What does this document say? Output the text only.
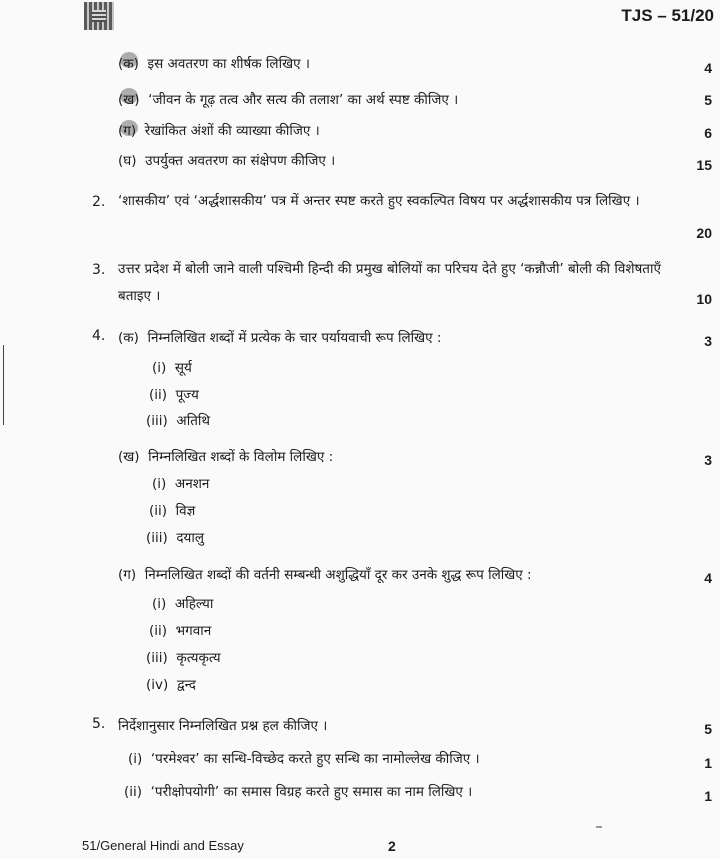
TJS – 51/20
(क) इस अवतरण का शीर्षक लिखिए ।	4
(ख) ‘जीवन के गूढ़ तत्व और सत्य की तलाश’ का अर्थ स्पष्ट कीजिए ।	5
(ग) रेखांकित अंशों की व्याख्या कीजिए ।	6
(घ) उपर्युक्त अवतरण का संक्षेपण कीजिए ।	15
2. ‘शासकीय’ एवं ‘अर्द्धशासकीय’ पत्र में अन्तर स्पष्ट करते हुए स्वकल्पित विषय पर अर्द्धशासकीय पत्र लिखिए ।
20
3. उत्तर प्रदेश में बोली जाने वाली पश्चिमी हिन्दी की प्रमुख बोलियों का परिचय देते हुए ‘कन्नौजी’ बोली की विशेषताएँ बताइए ।	10
4. (क) निम्नलिखित शब्दों में प्रत्येक के चार पर्यायवाची रूप लिखिए :	3
(i) सूर्य
(ii) पूज्य
(iii) अतिथि
(ख) निम्नलिखित शब्दों के विलोम लिखिए :	3
(i) अनशन
(ii) विज्ञ
(iii) दयालु
(ग) निम्नलिखित शब्दों की वर्तनी सम्बन्धी अशुद्धियाँ दूर कर उनके शुद्ध रूप लिखिए :	4
(i) अहिल्या
(ii) भगवान
(iii) कृत्यकृत्य
(iv) द्वन्द
5. निर्देशानुसार निम्नलिखित प्रश्न हल कीजिए ।	5
(i) ‘परमेश्वर’ का सन्धि-विच्छेद करते हुए सन्धि का नामोल्लेख कीजिए ।	1
(ii) ‘परीक्षोपयोगी’ का समास विग्रह करते हुए समास का नाम लिखिए ।	1
51/General Hindi and Essay	2
